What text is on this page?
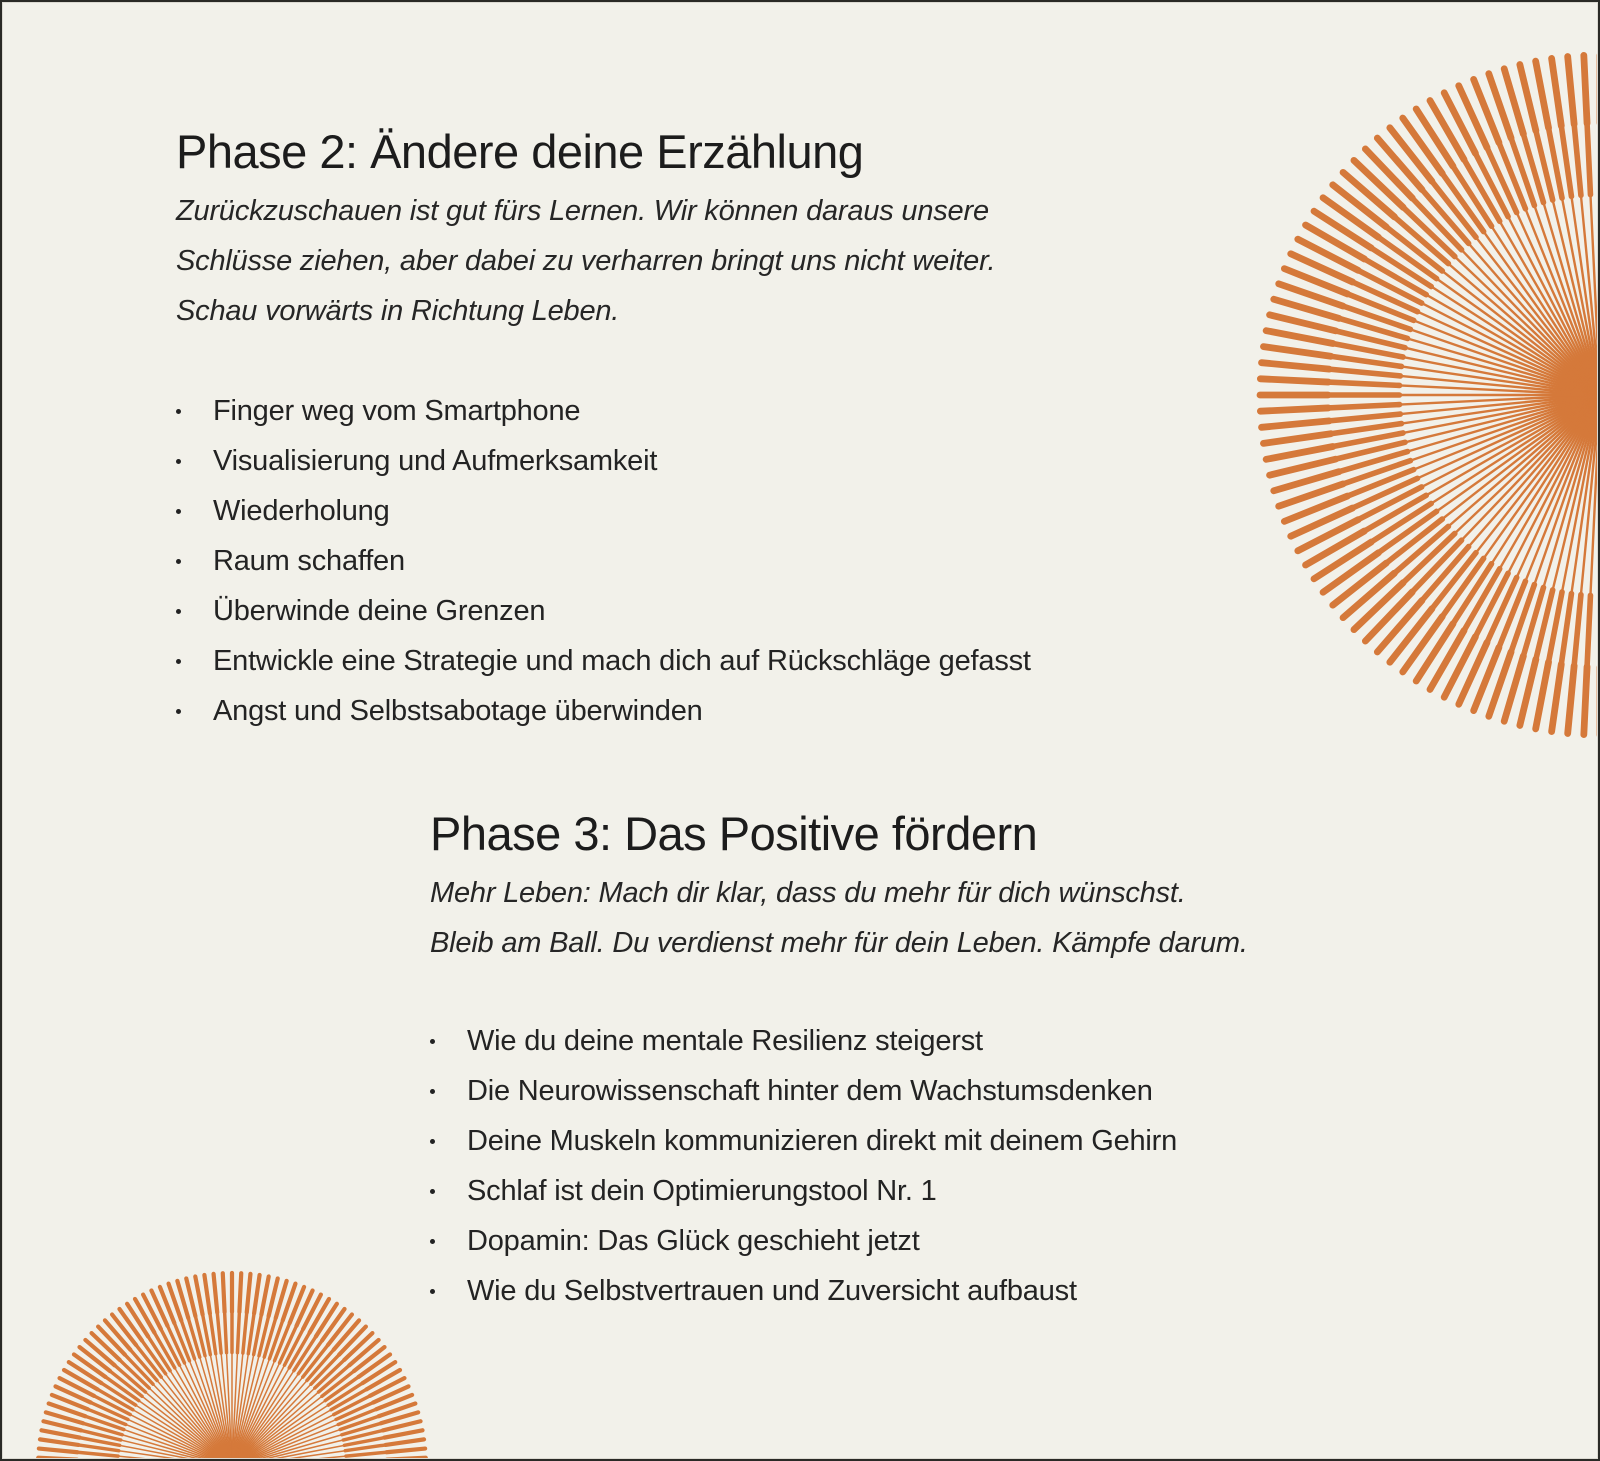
Phase 2: Ändere deine Erzählung

Zurückzuschauen ist gut fürs Lernen. Wir können daraus unsere

Schlüsse ziehen, aber dabei zu verharren bringt uns nicht weiter.

Schau vorwärts in Richtung Leben.

Finger weg vom Smartphone
Visualisierung und Aufmerksamkeit
Wiederholung
Raum schaffen
Überwinde deine Grenzen
Entwickle eine Strategie und mach dich auf Rückschläge gefasst
Angst und Selbstsabotage überwinden
Phase 3: Das Positive fördern

Mehr Leben: Mach dir klar, dass du mehr für dich wünschst.

Bleib am Ball. Du verdienst mehr für dein Leben. Kämpfe darum.

Wie du deine mentale Resilienz steigerst
Die Neurowissenschaft hinter dem Wachstumsdenken
Deine Muskeln kommunizieren direkt mit deinem Gehirn
Schlaf ist dein Optimierungstool Nr. 1
Dopamin: Das Glück geschieht jetzt
Wie du Selbstvertrauen und Zuversicht aufbaust
